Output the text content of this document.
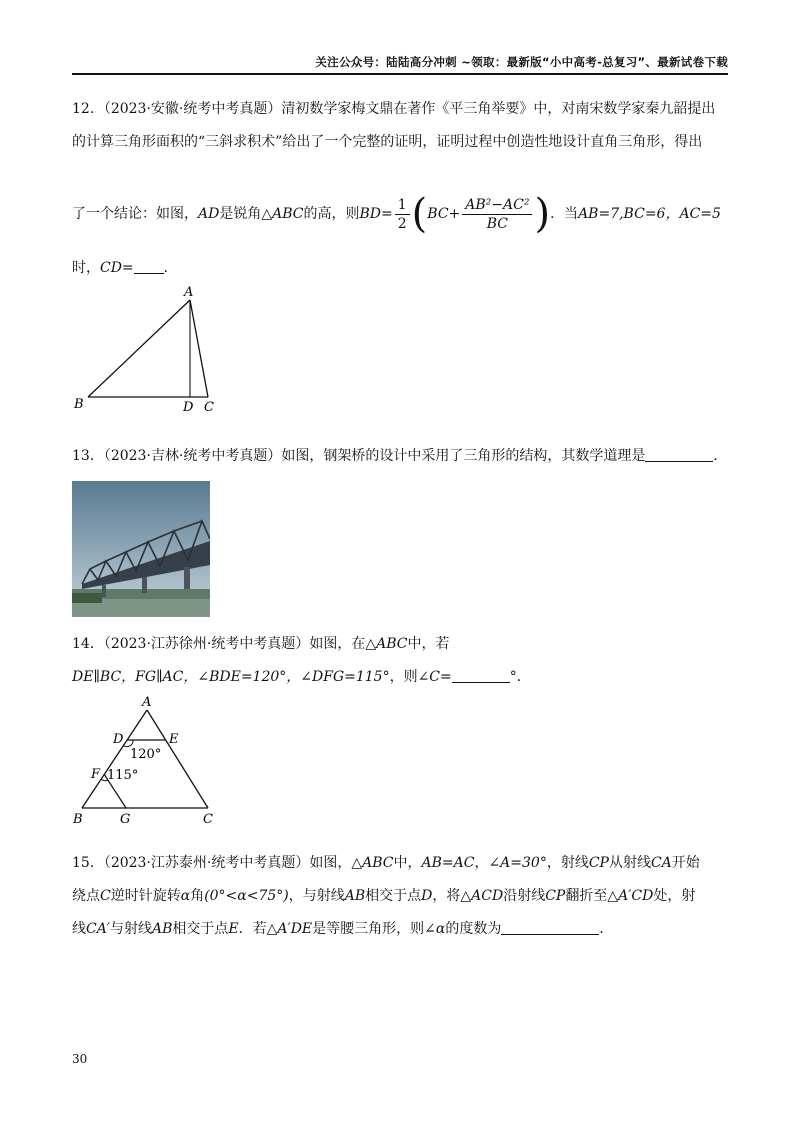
关注公众号：陆陆高分冲刺 ~领取：最新版“小中高考-总复习”、最新试卷下载
12．（2023·安徽·统考中考真题）清初数学家梅文鼎在著作《平三角举要》中，对南宋数学家秦九韶提出
的计算三角形面积的“三斜求积术”给出了一个完整的证明，证明过程中创造性地设计直角三角形，得出
了一个结论：如图，AD是锐角△ABC的高，则$BD= \frac{1}{2} (BC+ \frac{\text{AB²−AC²}}{BC}$ )．当AB=7,BC=6，AC=5
时，CD= ．
A
B	D C
13．（2023·吉林·统考中考真题）如图，钢架桥的设计中采用了三角形的结构，其数学道理是	．
14．（2023·江苏徐州·统考中考真题）如图，在△ABC中，若
DE∥BC，FG∥AC，∠BDE=120°，∠DFG=115°，则∠C=	°．
A
D	E
F
B	G	C
120°
115°
15．（2023·江苏泰州·统考中考真题）如图，△ABC中，AB=AC，∠A=30°，射线CP从射线CA开始
绕点C逆时针旋转α角(0°<α<75°)，与射线AB相交于点D，将△ACD沿射线CP翻折至△A′CD处，射
线CA′与射线AB相交于点E．若△A′DE是等腰三角形，则∠α的度数为	．
30
